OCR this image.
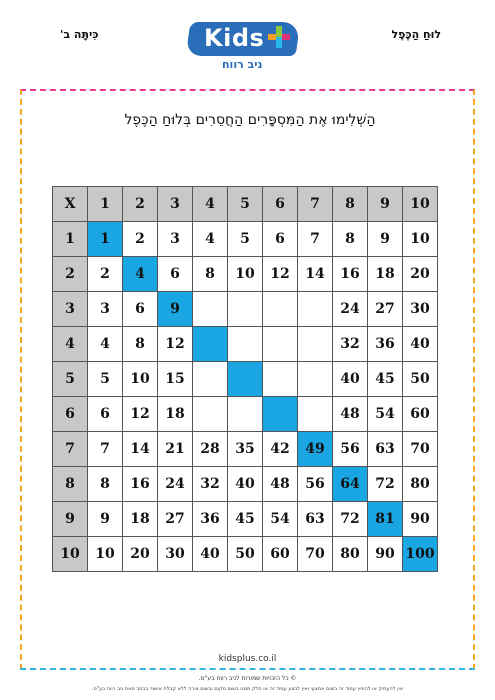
כִּיתָּה ב'	לוּחַ הַכֶּפֶל
Kids
ניב רווח
הַשְׁלִימוּ אֶת הַמִּסְפָּרִים הַחֲסֵרִים בְּלוּחַ הַכֶּפֶל
X	1	2	3	4	5	6	7	8	9	10
1	1	2	3	4	5	6	7	8	9	10
2	2	4	6	8	10	12	14	16	18	20
3	3	6	9					24	27	30
4	4	8	12					32	36	40
5	5	10	15					40	45	50
6	6	12	18					48	54	60
7	7	14	21	28	35	42	49	56	63	70
8	8	16	24	32	40	48	56	64	72	80
9	9	18	27	36	45	54	63	72	81	90
10	10	20	30	40	50	60	70	80	90	100
kidsplus.co.il
© כל הזכויות שמורות לניב רווח בע"מ.
אין להעתיק או להפיץ עמוד זה בשום אמצעי ואין לבצע עמוד זה או חלק ממנו בשום מקום ובשום צורה ללא קבלת אישור בכתב מאת ניב רווח בע"מ.
